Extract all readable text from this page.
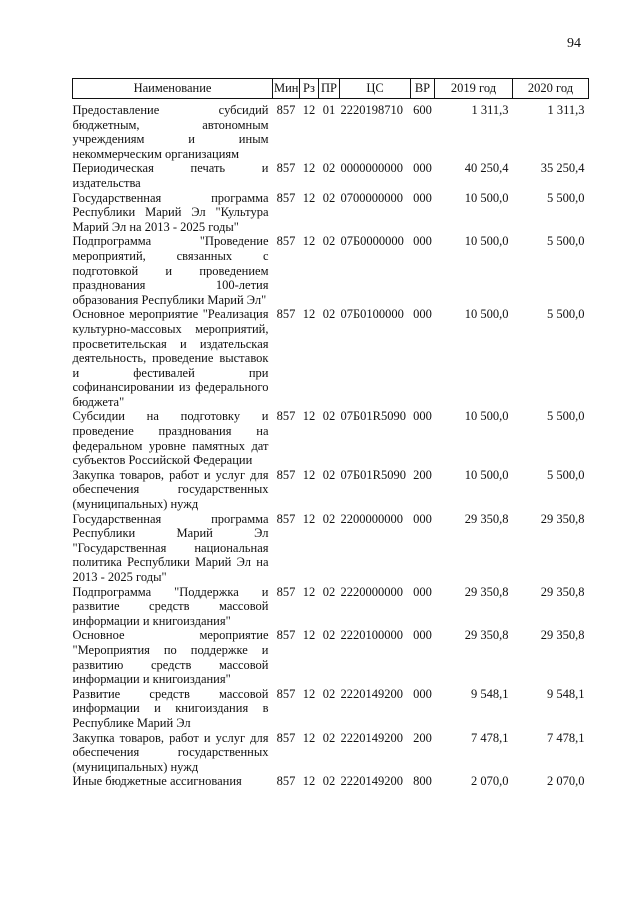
94
Наименование	Мин	Рз	ПР	ЦС	ВР	2019 год	2020 год

Предоставление субсидий бюджетным, автономным учреждениям и иным некоммерческим организациям	857	12	01	2220198710	600	1 311,3	1 311,3
Периодическая печать и издательства	857	12	02	0000000000	000	40 250,4	35 250,4
Государственная программа Республики Марий Эл "Культура Марий Эл на 2013 - 2025 годы"	857	12	02	0700000000	000	10 500,0	5 500,0
Подпрограмма "Проведение мероприятий, связанных с подготовкой и проведением празднования 100-летия образования Республики Марий Эл"	857	12	02	07Б0000000	000	10 500,0	5 500,0
Основное мероприятие "Реализация культурно-массовых мероприятий, просветительская и издательская деятельность, проведение выставок и фестивалей при софинансировании из федерального бюджета"	857	12	02	07Б0100000	000	10 500,0	5 500,0
Субсидии на подготовку и проведение празднования на федеральном уровне памятных дат субъектов Российской Федерации	857	12	02	07Б01R5090	000	10 500,0	5 500,0
Закупка товаров, работ и услуг для обеспечения государственных (муниципальных) нужд	857	12	02	07Б01R5090	200	10 500,0	5 500,0
Государственная программа Республики Марий Эл "Государственная национальная политика Республики Марий Эл на 2013 - 2025 годы"	857	12	02	2200000000	000	29 350,8	29 350,8
Подпрограмма "Поддержка и развитие средств массовой информации и книгоиздания"	857	12	02	2220000000	000	29 350,8	29 350,8
Основное мероприятие "Мероприятия по поддержке и развитию средств массовой информации и книгоиздания"	857	12	02	2220100000	000	29 350,8	29 350,8
Развитие средств массовой информации и книгоиздания в Республике Марий Эл	857	12	02	2220149200	000	9 548,1	9 548,1
Закупка товаров, работ и услуг для обеспечения государственных (муниципальных) нужд	857	12	02	2220149200	200	7 478,1	7 478,1
Иные бюджетные ассигнования	857	12	02	2220149200	800	2 070,0	2 070,0
